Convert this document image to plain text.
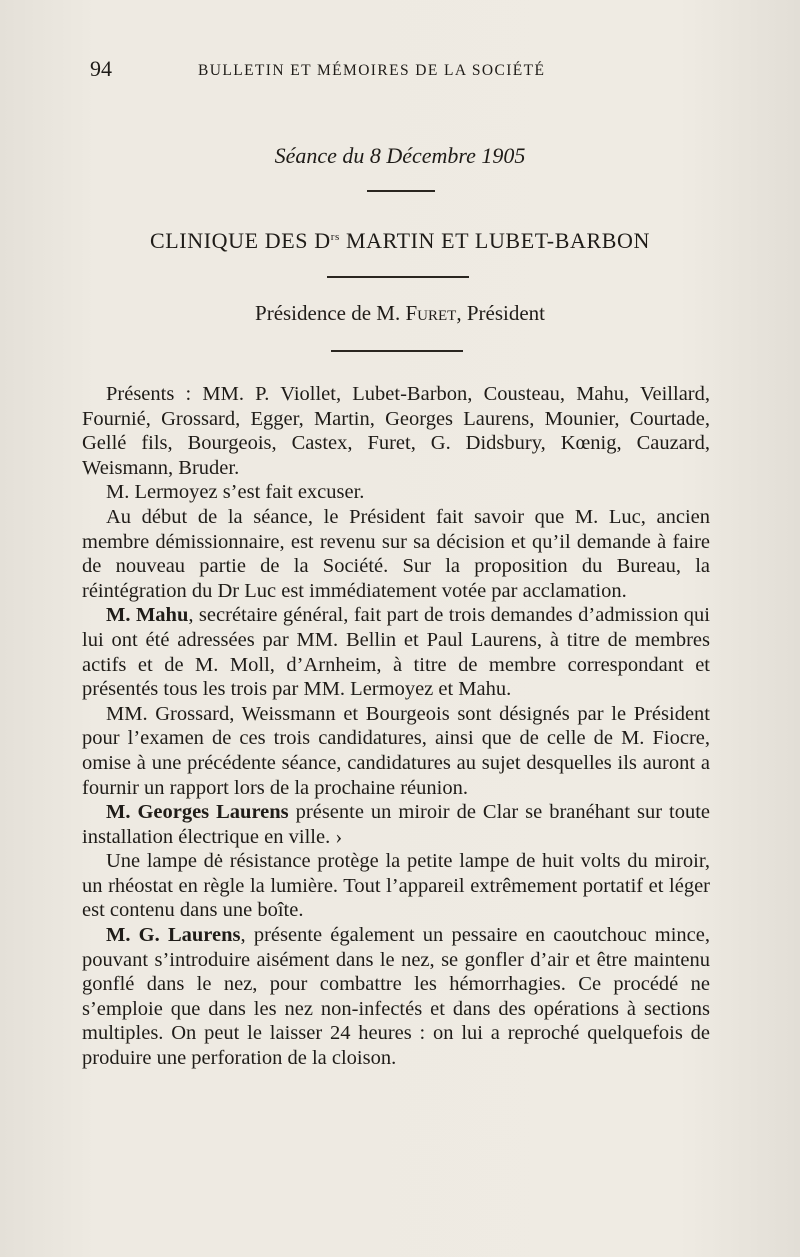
94	BULLETIN ET MÉMOIRES DE LA SOCIÉTÉ
Séance du 8 Décembre 1905
CLINIQUE DES $D^{rs}$ MARTIN ET LUBET-BARBON
Présidence de M. Furet, Président

Présents : MM. P. Viollet, Lubet-Barbon, Cousteau, Mahu, Veillard, Fournié, Grossard, Egger, Martin, Georges Laurens, Mounier, Courtade, Gellé fils, Bourgeois, Castex, Furet, G. Didsbury, Kœnig, Cauzard, Weismann, Bruder.

M. Lermoyez s’est fait excuser.

Au début de la séance, le Président fait savoir que M. Luc, ancien membre démissionnaire, est revenu sur sa décision et qu’il demande à faire de nouveau partie de la Société. Sur la proposition du Bureau, la réintégration du Dr Luc est immédiatement votée par acclamation.

M. Mahu, secrétaire général, fait part de trois demandes d’admission qui lui ont été adressées par MM. Bellin et Paul Laurens, à titre de membres actifs et de M. Moll, d’Arnheim, à titre de membre correspondant et présentés tous les trois par MM. Lermoyez et Mahu.

MM. Grossard, Weissmann et Bourgeois sont désignés par le Président pour l’examen de ces trois candidatures, ainsi que de celle de M. Fiocre, omise à une précédente séance, candidatures au sujet desquelles ils auront a fournir un rapport lors de la prochaine réunion.

M. Georges Laurens présente un miroir de Clar se branéhant sur toute installation électrique en ville. ›

Une lampe dė résistance protège la petite lampe de huit volts du miroir, un rhéostat en règle la lumière. Tout l’appareil extrêmement portatif et léger est contenu dans une boîte.

M. G. Laurens, présente également un pessaire en caoutchouc mince, pouvant s’introduire aisément dans le nez, se gonfler d’air et être maintenu gonflé dans le nez, pour combattre les hémorrhagies. Ce procédé ne s’emploie que dans les nez non-infectés et dans des opérations à sections multiples. On peut le laisser 24 heures : on lui a reproché quelquefois de produire une perforation de la cloison.
